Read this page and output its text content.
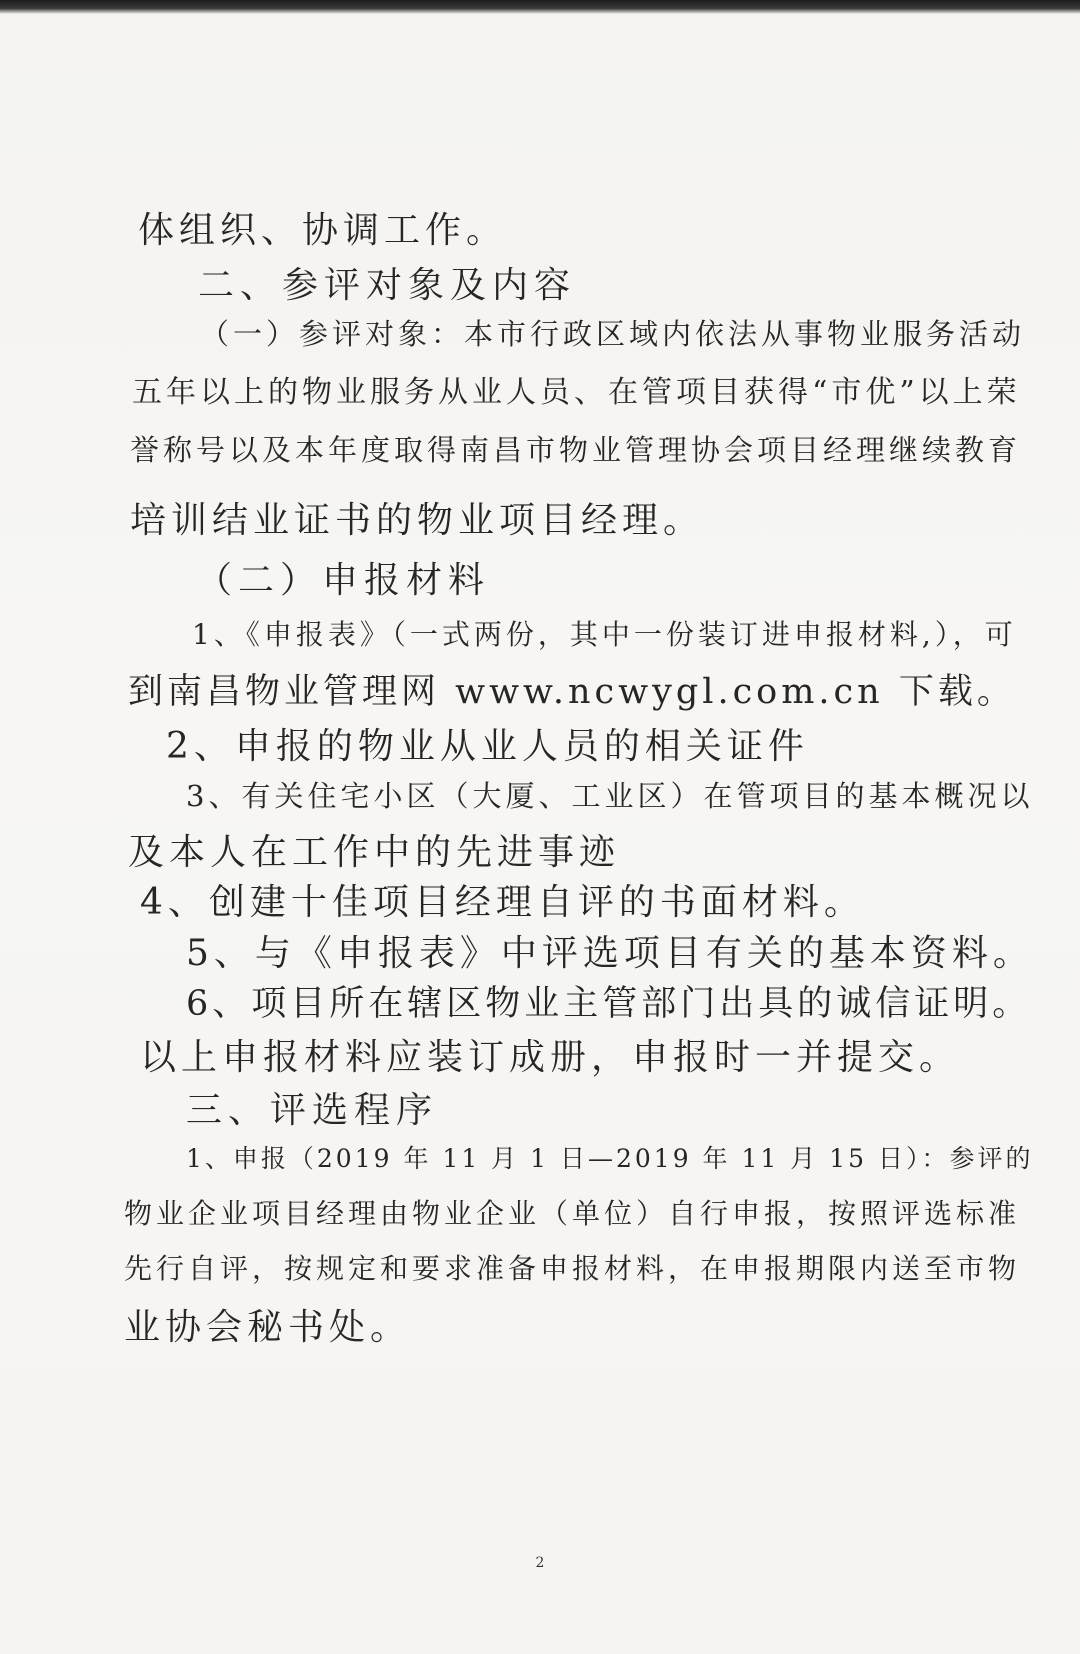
体组织、协调工作。
二、参评对象及内容
（一）参评对象：本市行政区域内依法从事物业服务活动
五年以上的物业服务从业人员、在管项目获得“市优”以上荣
誉称号以及本年度取得南昌市物业管理协会项目经理继续教育
培训结业证书的物业项目经理。
（二）申报材料
1、《申报表》（一式两份，其中一份装订进申报材料,），可
到南昌物业管理网 www.ncwygl.com.cn 下载。
2、申报的物业从业人员的相关证件
3、有关住宅小区（大厦、工业区）在管项目的基本概况以
及本人在工作中的先进事迹
4、创建十佳项目经理自评的书面材料。
5、与《申报表》中评选项目有关的基本资料。
6、项目所在辖区物业主管部门出具的诚信证明。
以上申报材料应装订成册，申报时一并提交。
三、评选程序
1、申报（2019 年 11 月 1 日—2019 年 11 月 15 日）：参评的
物业企业项目经理由物业企业（单位）自行申报，按照评选标准
先行自评，按规定和要求准备申报材料，在申报期限内送至市物
业协会秘书处。
2
